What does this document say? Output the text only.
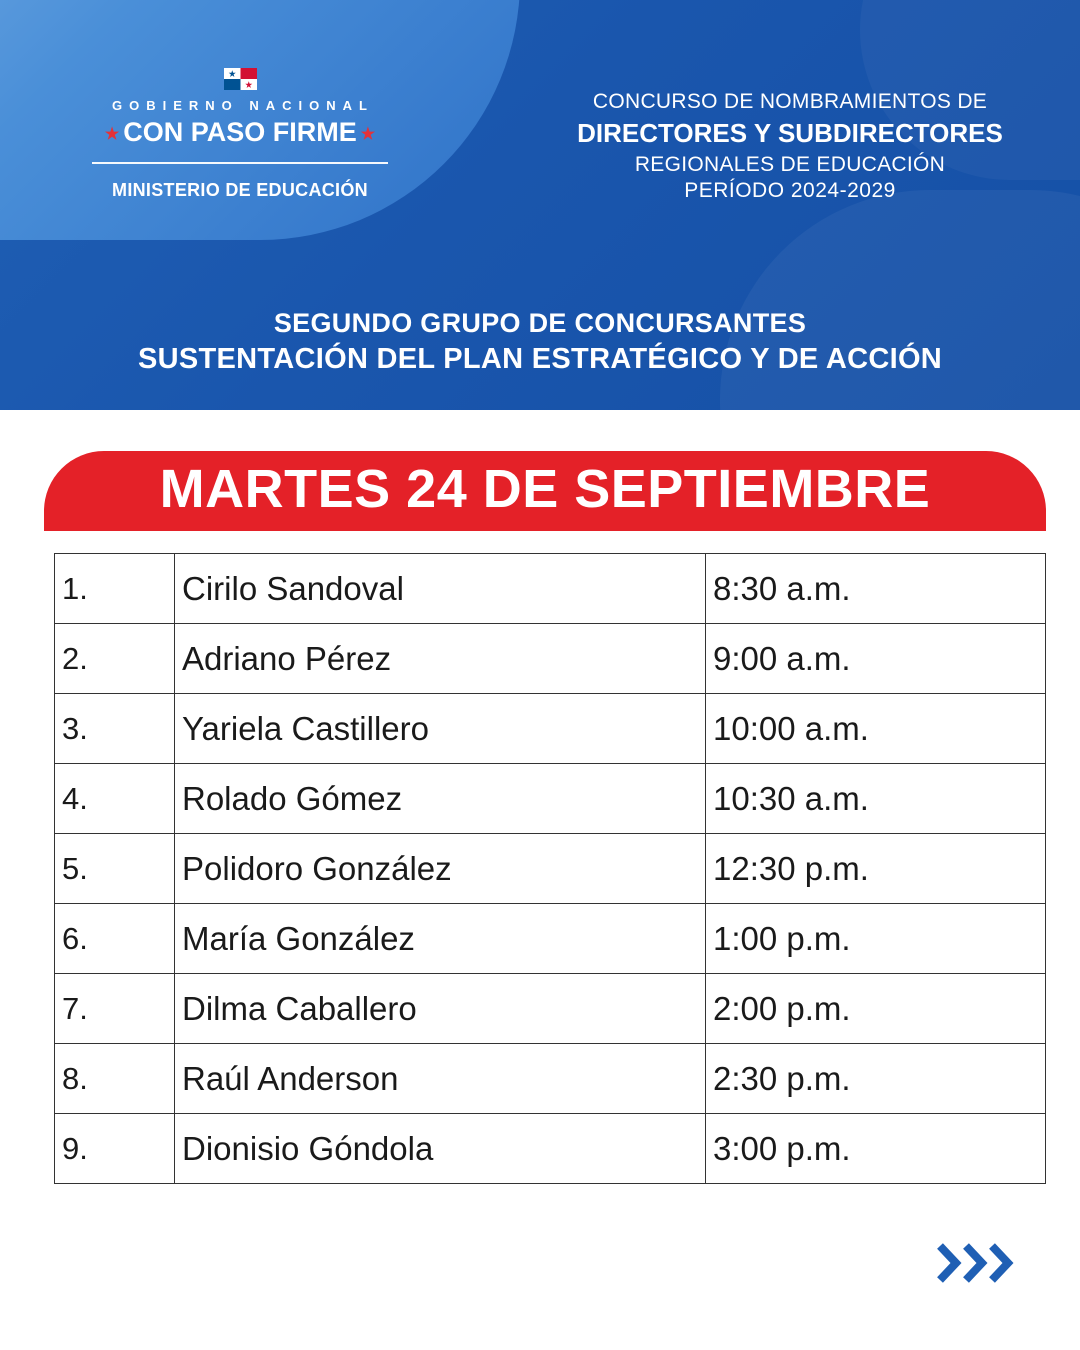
GOBIERNO NACIONAL
★ CON PASO FIRME ★
MINISTERIO DE EDUCACIÓN
CONCURSO DE NOMBRAMIENTOS DE
DIRECTORES Y SUBDIRECTORES
REGIONALES DE EDUCACIÓN
PERÍODO 2024-2029
SEGUNDO GRUPO DE CONCURSANTES
SUSTENTACIÓN DEL PLAN ESTRATÉGICO Y DE ACCIÓN
MARTES 24 DE SEPTIEMBRE
1.	Cirilo Sandoval	8:30 a.m.
2.	Adriano Pérez	9:00 a.m.
3.	Yariela Castillero	10:00 a.m.
4.	Rolado Gómez	10:30 a.m.
5.	Polidoro González	12:30 p.m.
6.	María González	1:00 p.m.
7.	Dilma Caballero	2:00 p.m.
8.	Raúl Anderson	2:30 p.m.
9.	Dionisio Góndola	3:00 p.m.
